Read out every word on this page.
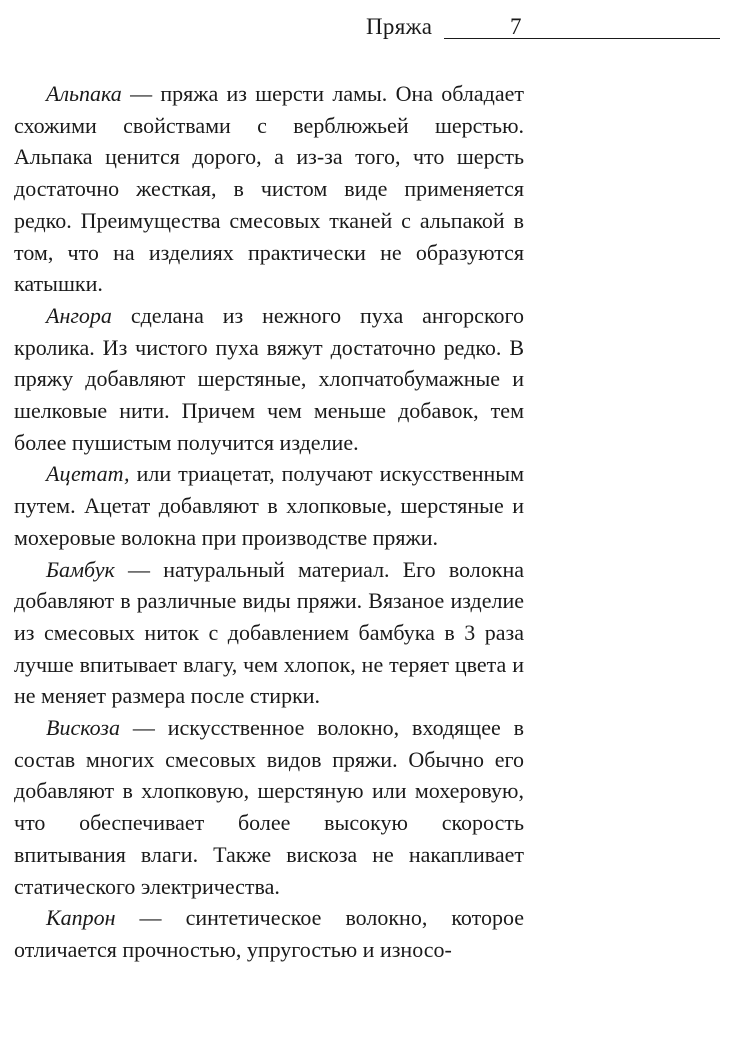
Пряжа	7

Альпака — пряжа из шерсти ламы. Она обладает схожими свойствами с верблюжьей шерстью. Альпака ценится дорого, а из-за того, что шерсть достаточно жесткая, в чистом виде применяется редко. Преимущества смесовых тканей с альпакой в том, что на изделиях практически не образуются катышки.

Ангора сделана из нежного пуха ангорского кролика. Из чистого пуха вяжут достаточно редко. В пряжу добавляют шерстяные, хлопчатобумажные и шелковые нити. Причем чем меньше добавок, тем более пушистым получится изделие.

Ацетат, или триацетат, получают искусственным путем. Ацетат добавляют в хлопковые, шерстяные и мохеровые волокна при производстве пряжи.

Бамбук — натуральный материал. Его волокна добавляют в различные виды пряжи. Вязаное изделие из смесовых ниток с добавлением бамбука в 3 раза лучше впитывает влагу, чем хлопок, не теряет цвета и не меняет размера после стирки.

Вискоза — искусственное волокно, входящее в состав многих смесовых видов пряжи. Обычно его добавляют в хлопковую, шерстяную или мохеровую, что обеспечивает более высокую скорость впитывания влаги. Также вискоза не накапливает статического электричества.

Капрон — синтетическое волокно, которое отличается прочностью, упругостью и износо-
